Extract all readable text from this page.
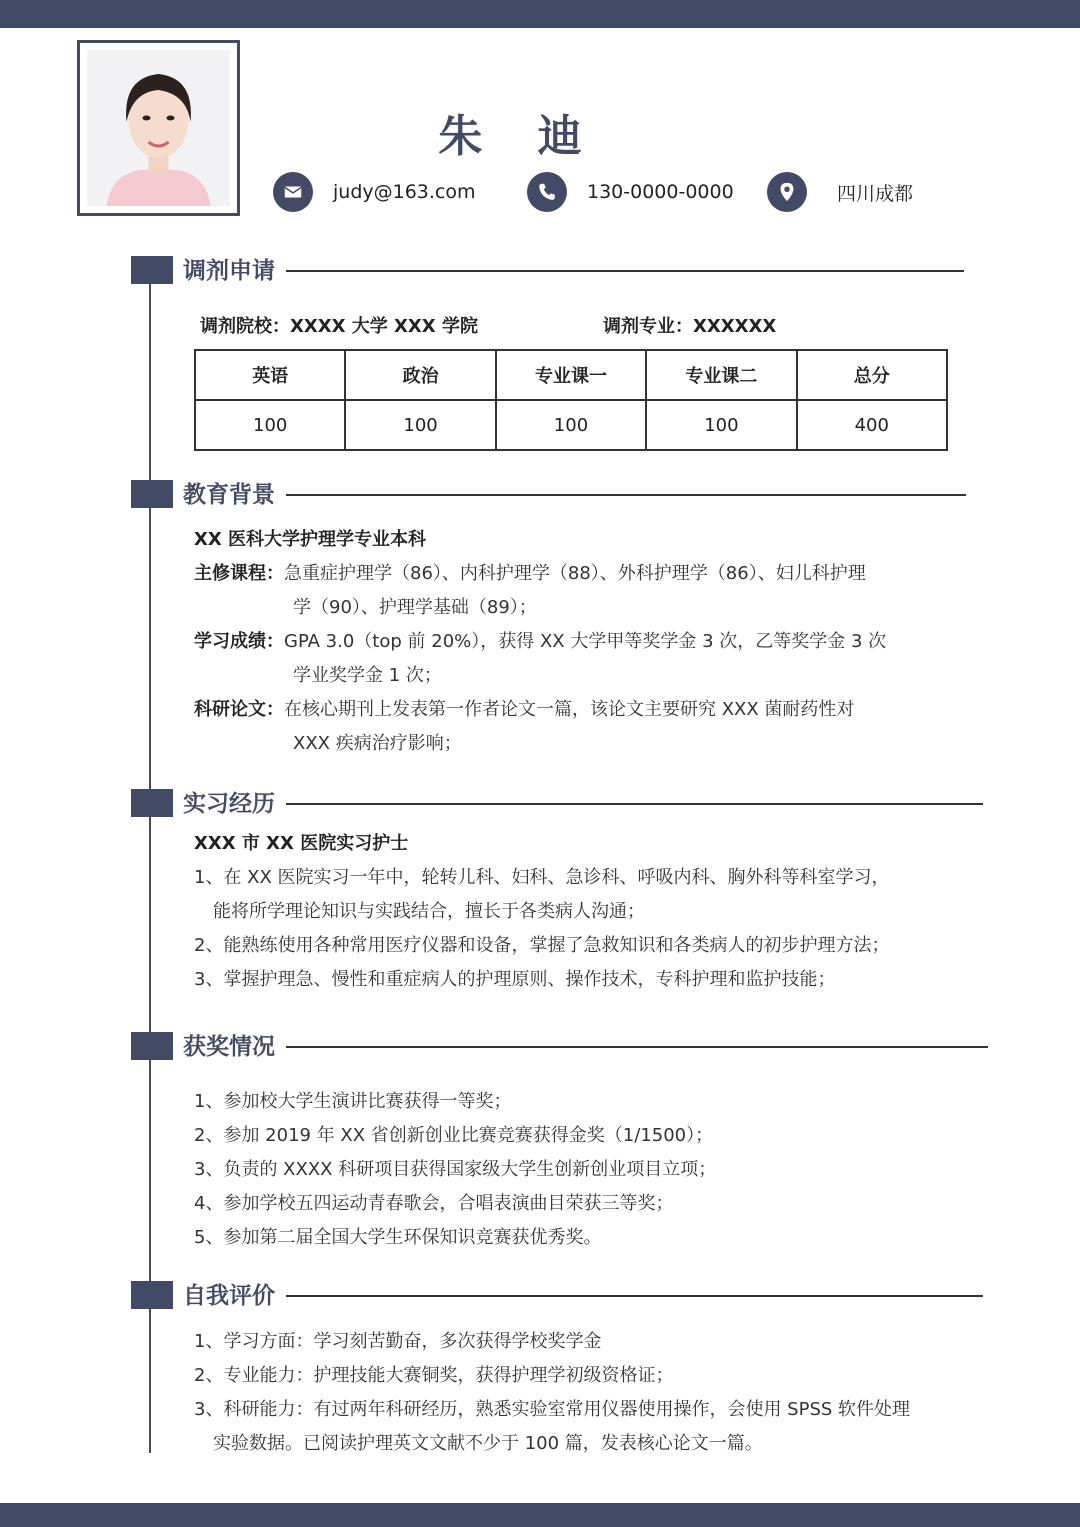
朱 迪
judy@163.com	130-0000-0000	四川成都
调剂申请
调剂院校：XXXX 大学 XXX 学院	调剂专业：XXXXXX
英语	政治	专业课一	专业课二	总分
100	100	100	100	400
教育背景
XX 医科大学护理学专业本科
主修课程：急重症护理学（86）、内科护理学（88）、外科护理学（86）、妇儿科护理
学（90）、护理学基础（89）；
学习成绩：GPA 3.0（top 前 20%），获得 XX 大学甲等奖学金 3 次，乙等奖学金 3 次
学业奖学金 1 次；
科研论文：在核心期刊上发表第一作者论文一篇，该论文主要研究 XXX 菌耐药性对
XXX 疾病治疗影响；
实习经历
XXX 市 XX 医院实习护士
1、在 XX 医院实习一年中，轮转儿科、妇科、急诊科、呼吸内科、胸外科等科室学习，
能将所学理论知识与实践结合，擅长于各类病人沟通；
2、能熟练使用各种常用医疗仪器和设备，掌握了急救知识和各类病人的初步护理方法；
3、掌握护理急、慢性和重症病人的护理原则、操作技术，专科护理和监护技能；
获奖情况
1、参加校大学生演讲比赛获得一等奖；
2、参加 2019 年 XX 省创新创业比赛竞赛获得金奖（1/1500）；
3、负责的 XXXX 科研项目获得国家级大学生创新创业项目立项；
4、参加学校五四运动青春歌会，合唱表演曲目荣获三等奖；
5、参加第二届全国大学生环保知识竞赛获优秀奖。
自我评价
1、学习方面：学习刻苦勤奋，多次获得学校奖学金
2、专业能力：护理技能大赛铜奖，获得护理学初级资格证；
3、科研能力：有过两年科研经历，熟悉实验室常用仪器使用操作，会使用 SPSS 软件处理
实验数据。已阅读护理英文文献不少于 100 篇，发表核心论文一篇。
